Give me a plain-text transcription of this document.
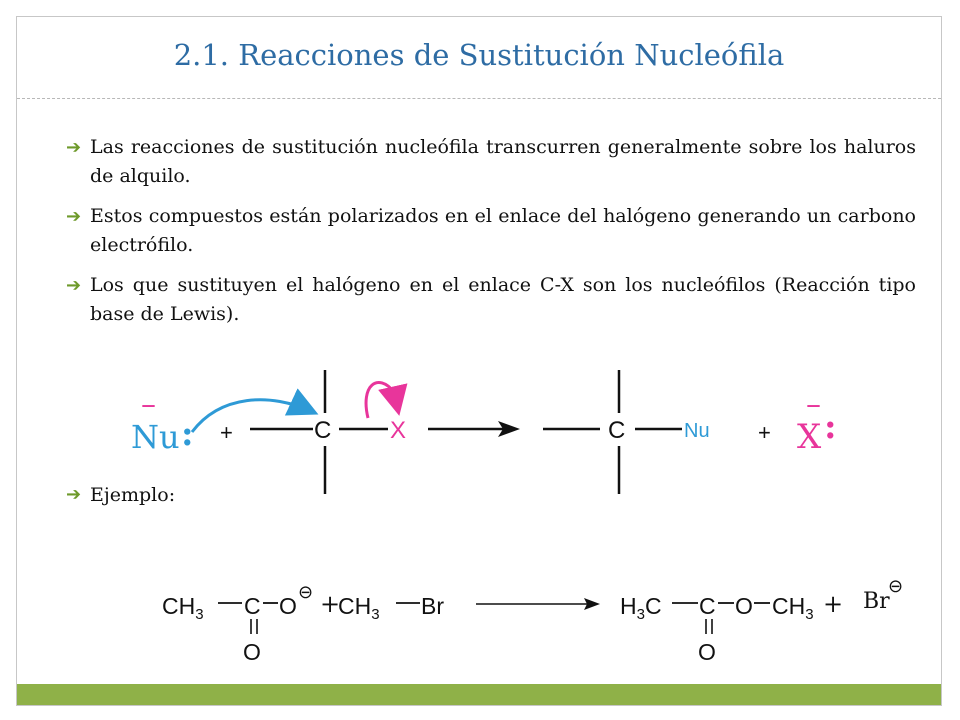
2.1. Reacciones de Sustitución Nucleófila
➔ Las reacciones de sustitución nucleófila transcurren generalmente sobre los haluros de alquilo.
➔ Estos compuestos están polarizados en el enlace del halógeno generando un carbono electrófilo.
➔ Los que sustituyen el halógeno en el enlace C-X son los nucleófilos (Reacción tipo base de Lewis).
➔ Ejemplo:
–
Nu : +	C X	C	Nu +
–
X :
$CH_3$ C O
⊖
O
+
$CH_3$ Br	$H_3C$ C O $CH_3$
O
+ Br
⊖
